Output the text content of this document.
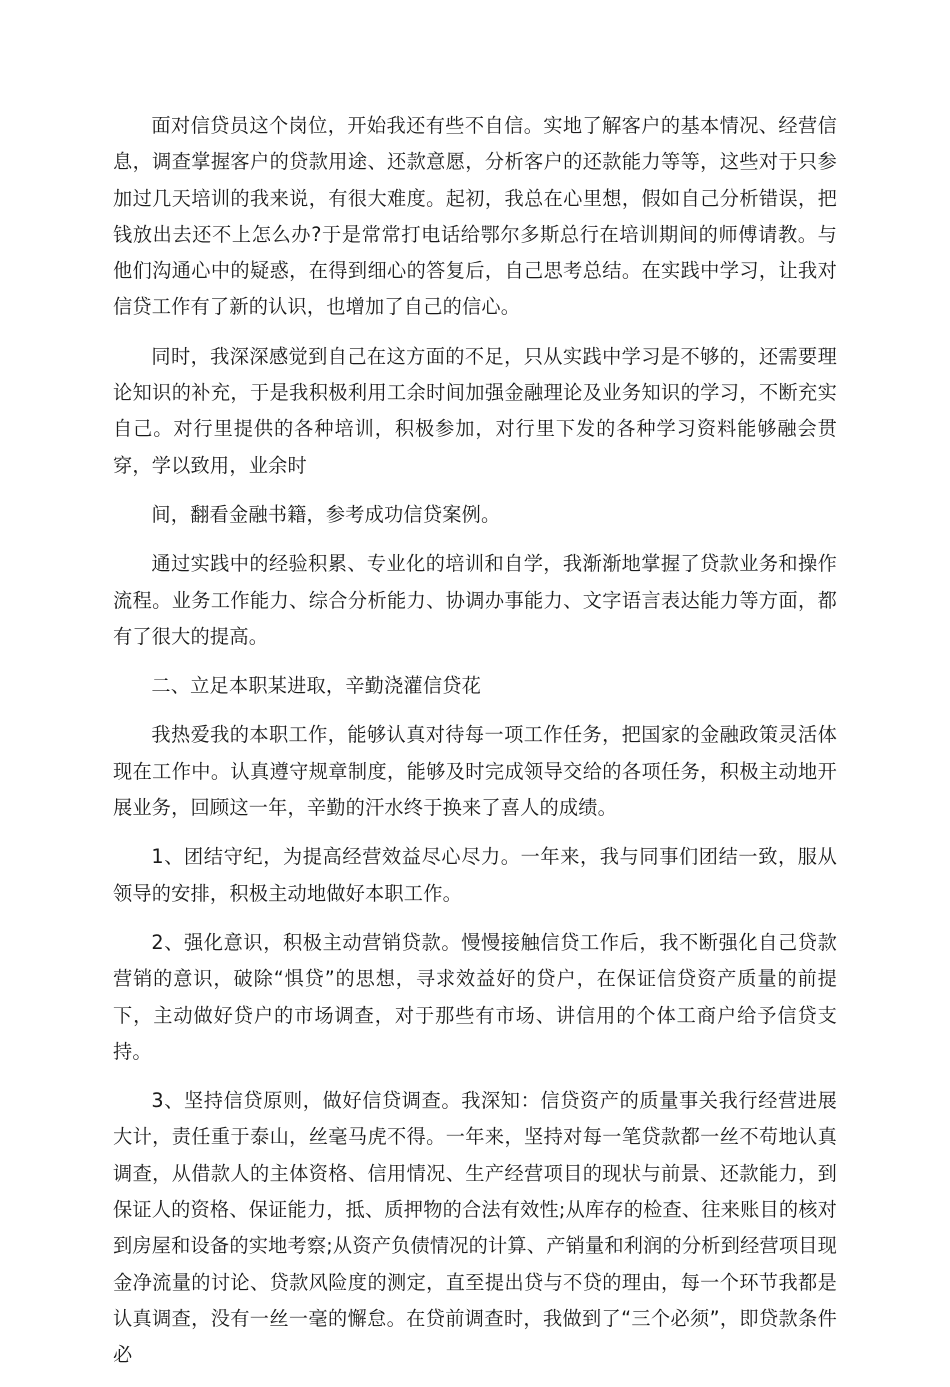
面对信贷员这个岗位，开始我还有些不自信。实地了解客户的基本情况、经营信息，调查掌握客户的贷款用途、还款意愿，分析客户的还款能力等等，这些对于只参加过几天培训的我来说，有很大难度。起初，我总在心里想，假如自己分析错误，把钱放出去还不上怎么办?于是常常打电话给鄂尔多斯总行在培训期间的师傅请教。与他们沟通心中的疑惑，在得到细心的答复后，自己思考总结。在实践中学习，让我对信贷工作有了新的认识，也增加了自己的信心。

同时，我深深感觉到自己在这方面的不足，只从实践中学习是不够的，还需要理论知识的补充，于是我积极利用工余时间加强金融理论及业务知识的学习，不断充实自己。对行里提供的各种培训，积极参加，对行里下发的各种学习资料能够融会贯穿，学以致用，业余时

间，翻看金融书籍，参考成功信贷案例。

通过实践中的经验积累、专业化的培训和自学，我渐渐地掌握了贷款业务和操作流程。业务工作能力、综合分析能力、协调办事能力、文字语言表达能力等方面，都有了很大的提高。

二、立足本职某进取，辛勤浇灌信贷花

我热爱我的本职工作，能够认真对待每一项工作任务，把国家的金融政策灵活体现在工作中。认真遵守规章制度，能够及时完成领导交给的各项任务，积极主动地开展业务，回顾这一年，辛勤的汗水终于换来了喜人的成绩。

1、团结守纪，为提高经营效益尽心尽力。一年来，我与同事们团结一致，服从领导的安排，积极主动地做好本职工作。

2、强化意识，积极主动营销贷款。慢慢接触信贷工作后，我不断强化自己贷款营销的意识，破除“惧贷”的思想，寻求效益好的贷户，在保证信贷资产质量的前提下，主动做好贷户的市场调查，对于那些有市场、讲信用的个体工商户给予信贷支持。

3、坚持信贷原则，做好信贷调查。我深知：信贷资产的质量事关我行经营进展大计，责任重于泰山，丝毫马虎不得。一年来，坚持对每一笔贷款都一丝不苟地认真调查，从借款人的主体资格、信用情况、生产经营项目的现状与前景、还款能力，到保证人的资格、保证能力，抵、质押物的合法有效性;从库存的检查、往来账目的核对到房屋和设备的实地考察;从资产负债情况的计算、产销量和利润的分析到经营项目现金净流量的讨论、贷款风险度的测定，直至提出贷与不贷的理由，每一个环节我都是认真调查，没有一丝一毫的懈怠。在贷前调查时，我做到了“三个必须”，即贷款条件必
